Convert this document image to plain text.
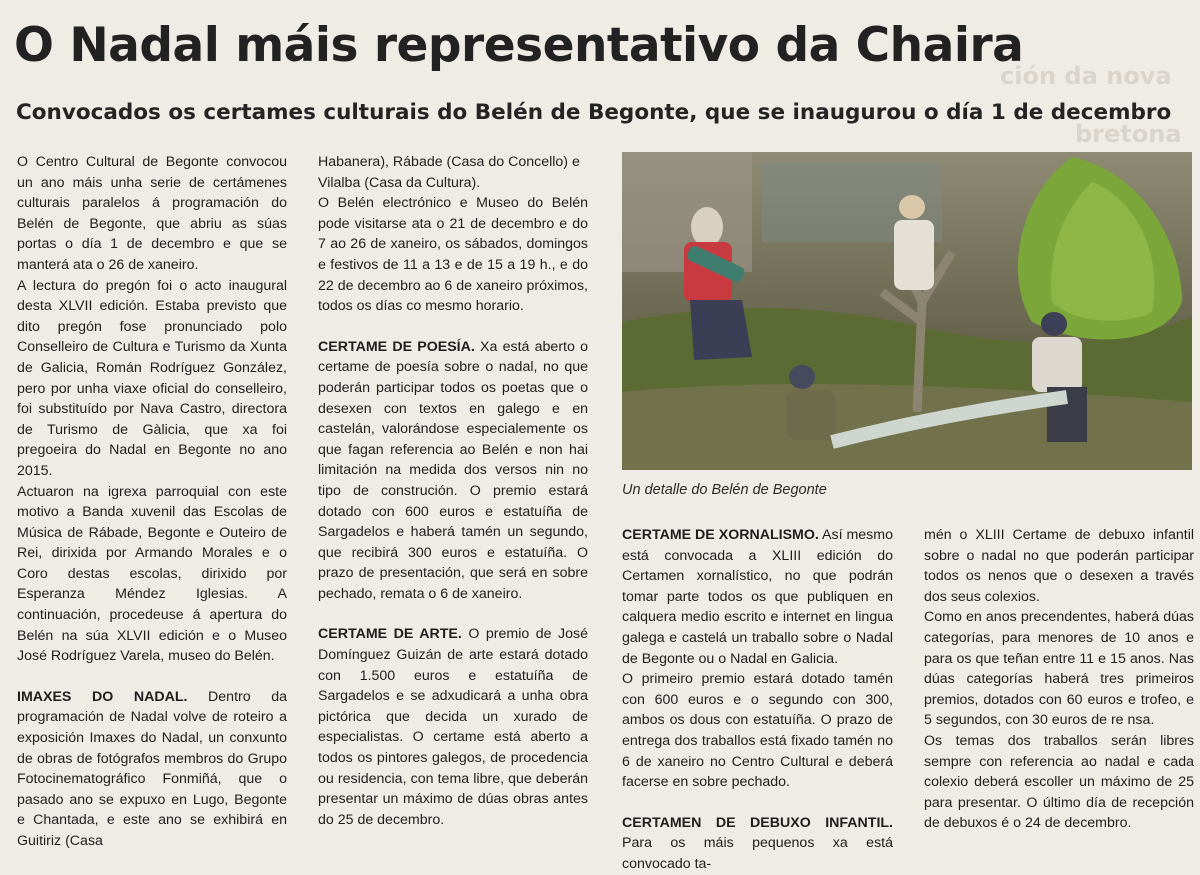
ción da nova
bretona
O Nadal máis representativo da Chaira
Convocados os certames culturais do Belén de Begonte, que se inaugurou o día 1 de decembro

O Centro Cultural de Begonte convocou un ano máis unha serie de certámenes culturais paralelos á programación do Belén de Begonte, que abriu as súas portas o día 1 de decembro e que se manterá ata o 26 de xaneiro.

A lectura do pregón foi o acto inaugural desta XLVII edición. Estaba previsto que dito pregón fose pronunciado polo Conselleiro de Cultura e Turismo da Xunta de Galicia, Román Rodríguez González, pero por unha viaxe oficial do conselleiro, foi substituído por Nava Castro, directora de Turismo de Gàlicia, que xa foi pregoeira do Nadal en Begonte no ano 2015.

Actuaron na igrexa parroquial con este motivo a Banda xuvenil das Escolas de Música de Rábade, Begonte e Outeiro de Rei, dirixida por Armando Morales e o Coro destas escolas, dirixido por Esperanza Méndez Iglesias. A continuación, procedeuse á apertura do Belén na súa XLVII edición e o Museo José Rodríguez Varela, museo do Belén.

IMAXES DO NADAL. Dentro da programación de Nadal volve de roteiro a exposición Imaxes do Nadal, un conxunto de obras de fotógrafos membros do Grupo Fotocinematográfico Fonmiñá, que o pasado ano se expuxo en Lugo, Begonte e Chantada, e este ano se exhibirá en Guitiriz (Casa

Habanera), Rábade (Casa do Concello) e Vilalba (Casa da Cultura).

O Belén electrónico e Museo do Belén pode visitarse ata o 21 de decembro e do 7 ao 26 de xaneiro, os sábados, domingos e festivos de 11 a 13 e de 15 a 19 h., e do 22 de decembro ao 6 de xaneiro próximos, todos os días co mesmo horario.

CERTAME DE POESÍA. Xa está aberto o certame de poesía sobre o nadal, no que poderán participar todos os poetas que o desexen con textos en galego e en castelán, valorándose especialemente os que fagan referencia ao Belén e non hai limitación na medida dos versos nin no tipo de construción. O premio estará dotado con 600 euros e estatuíña de Sargadelos e haberá tamén un segundo, que recibirá 300 euros e estatuíña. O prazo de presentación, que será en sobre pechado, remata o 6 de xaneiro.

CERTAME DE ARTE. O premio de José Domínguez Guizán de arte estará dotado con 1.500 euros e estatuíña de Sargadelos e se adxudicará a unha obra pictórica que decida un xurado de especialistas. O certame está aberto a todos os pintores galegos, de procedencia ou residencia, con tema libre, que deberán presentar un máximo de dúas obras antes do 25 de decembro.

Un detalle do Belén de Begonte

CERTAME DE XORNALISMO. Así mesmo está convocada a XLIII edición do Certamen xornalístico, no que podrán tomar parte todos os que publiquen en calquera medio escrito e internet en lingua galega e castelá un traballo sobre o Nadal de Begonte ou o Nadal en Galicia.

O primeiro premio estará dotado tamén con 600 euros e o segundo con 300, ambos os dous con estatuíña. O prazo de entrega dos traballos está fixado tamén no 6 de xaneiro no Centro Cultural e deberá facerse en sobre pechado.

CERTAMEN DE DEBUXO INFANTIL. Para os máis pequenos xa está convocado ta-

mén o XLIII Certame de debuxo infantil sobre o nadal no que poderán participar todos os nenos que o desexen a través dos seus colexios.

Como en anos precendentes, haberá dúas categorías, para menores de 10 anos e para os que teñan entre 11 e 15 anos. Nas dúas categorías haberá tres primeiros premios, dotados con 60 euros e trofeo, e 5 segundos, con 30 euros de re nsa.

Os temas dos traballos serán libres sempre con referencia ao nadal e cada colexio deberá escoller un máximo de 25 para presentar. O último día de recepción de debuxos é o 24 de decembro.
